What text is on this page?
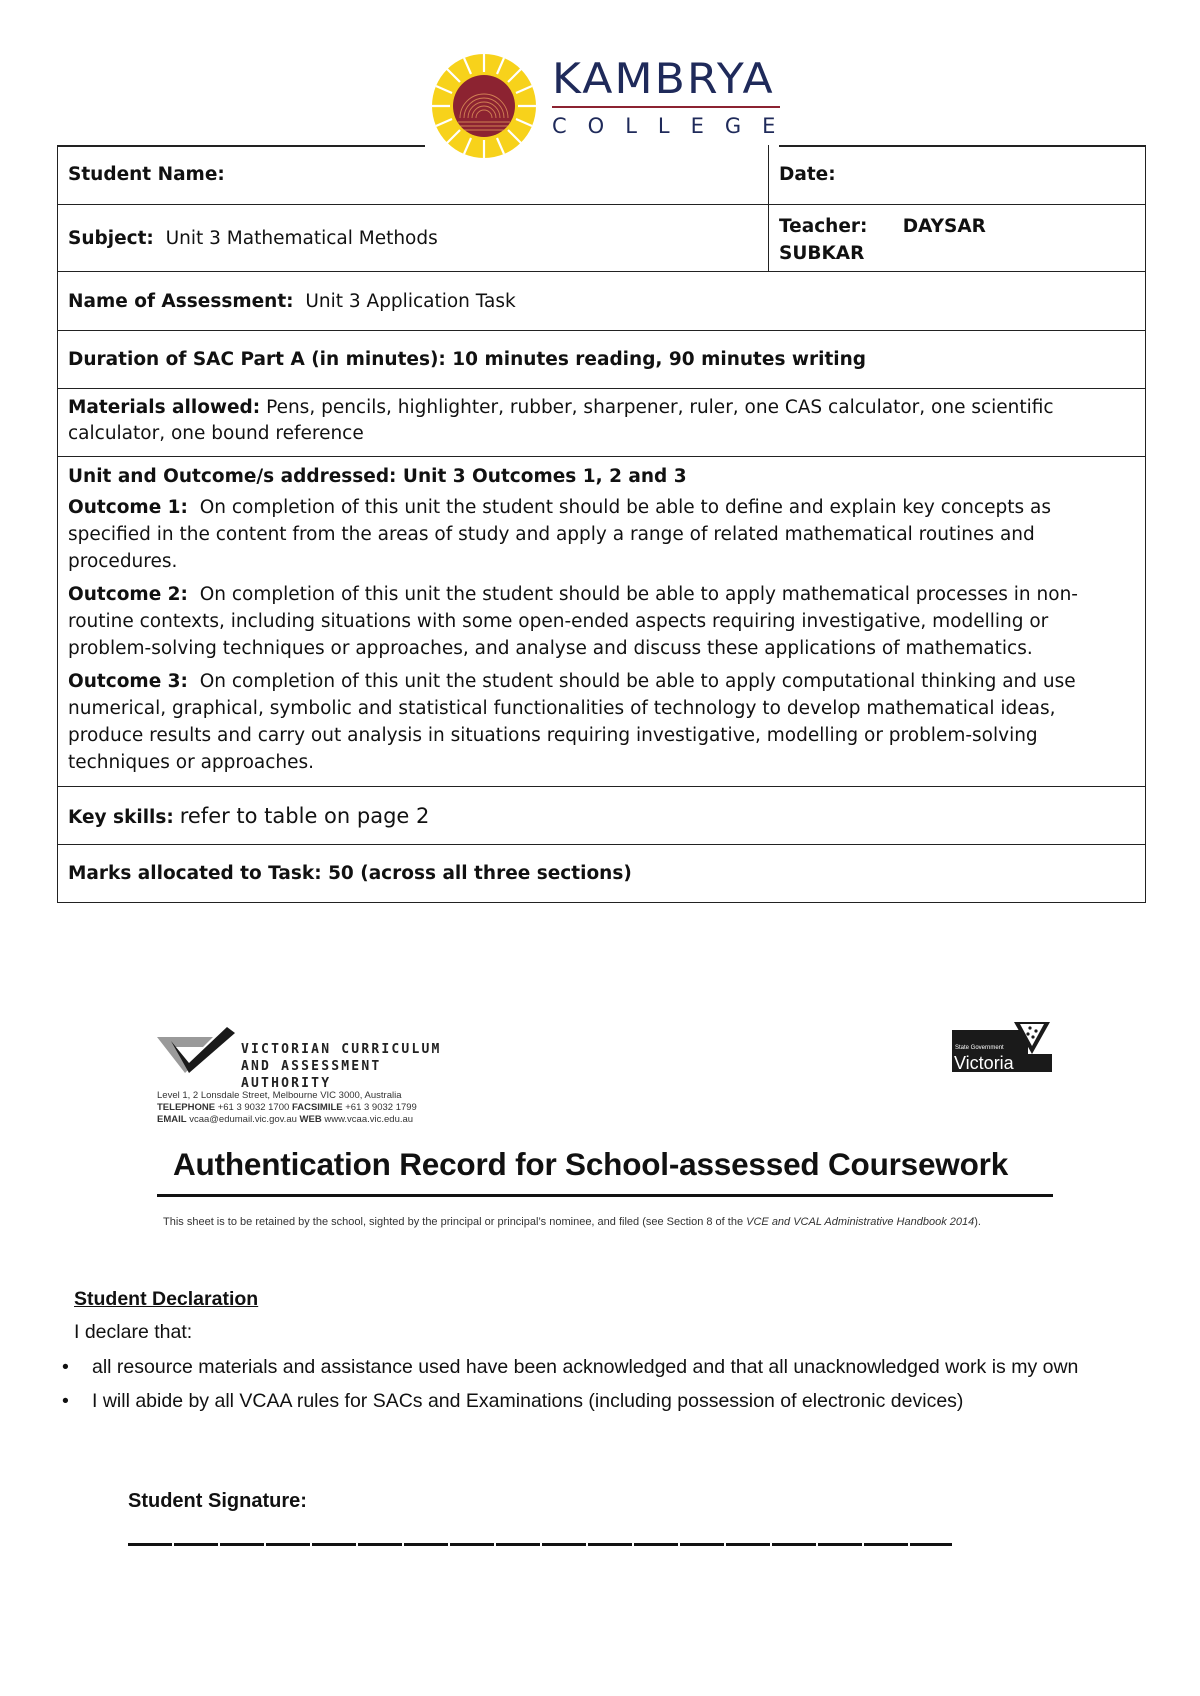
KAMBRYA
COLLEGE
Student Name:	Date:
Subject: Unit 3 Mathematical Methods
Teacher: DAYSAR SUBKAR
Name of Assessment: Unit 3 Application Task
Duration of SAC Part A (in minutes): 10 minutes reading, 90 minutes writing
Materials allowed: Pens, pencils, highlighter, rubber, sharpener, ruler, one CAS calculator, one scientific calculator, one bound reference

Unit and Outcome/s addressed: Unit 3 Outcomes 1, 2 and 3

Outcome 1: On completion of this unit the student should be able to define and explain key concepts as specified in the content from the areas of study and apply a range of related mathematical routines and procedures.

Outcome 2: On completion of this unit the student should be able to apply mathematical processes in non-routine contexts, including situations with some open-ended aspects requiring investigative, modelling or problem-solving techniques or approaches, and analyse and discuss these applications of mathematics.

Outcome 3: On completion of this unit the student should be able to apply computational thinking and use numerical, graphical, symbolic and statistical functionalities of technology to develop mathematical ideas, produce results and carry out analysis in situations requiring investigative, modelling or problem-solving techniques or approaches.

Key skills: refer to table on page 2
Marks allocated to Task: 50 (across all three sections)
VICTORIAN CURRICULUM
AND ASSESSMENT AUTHORITY
Level 1, 2 Lonsdale Street, Melbourne VIC 3000, Australia
TELEPHONE +61 3 9032 1700 FACSIMILE +61 3 9032 1799
EMAIL vcaa@edumail.vic.gov.au WEB www.vcaa.vic.edu.au
State Government
Victoria
Authentication Record for School-assessed Coursework
This sheet is to be retained by the school, sighted by the principal or principal’s nominee, and filed (see Section 8 of the VCE and VCAL Administrative Handbook 2014).

Student Declaration

I declare that:

• all resource materials and assistance used have been acknowledged and that all unacknowledged work is my own
• I will abide by all VCAA rules for SACs and Examinations (including possession of electronic devices)
Student Signature:
